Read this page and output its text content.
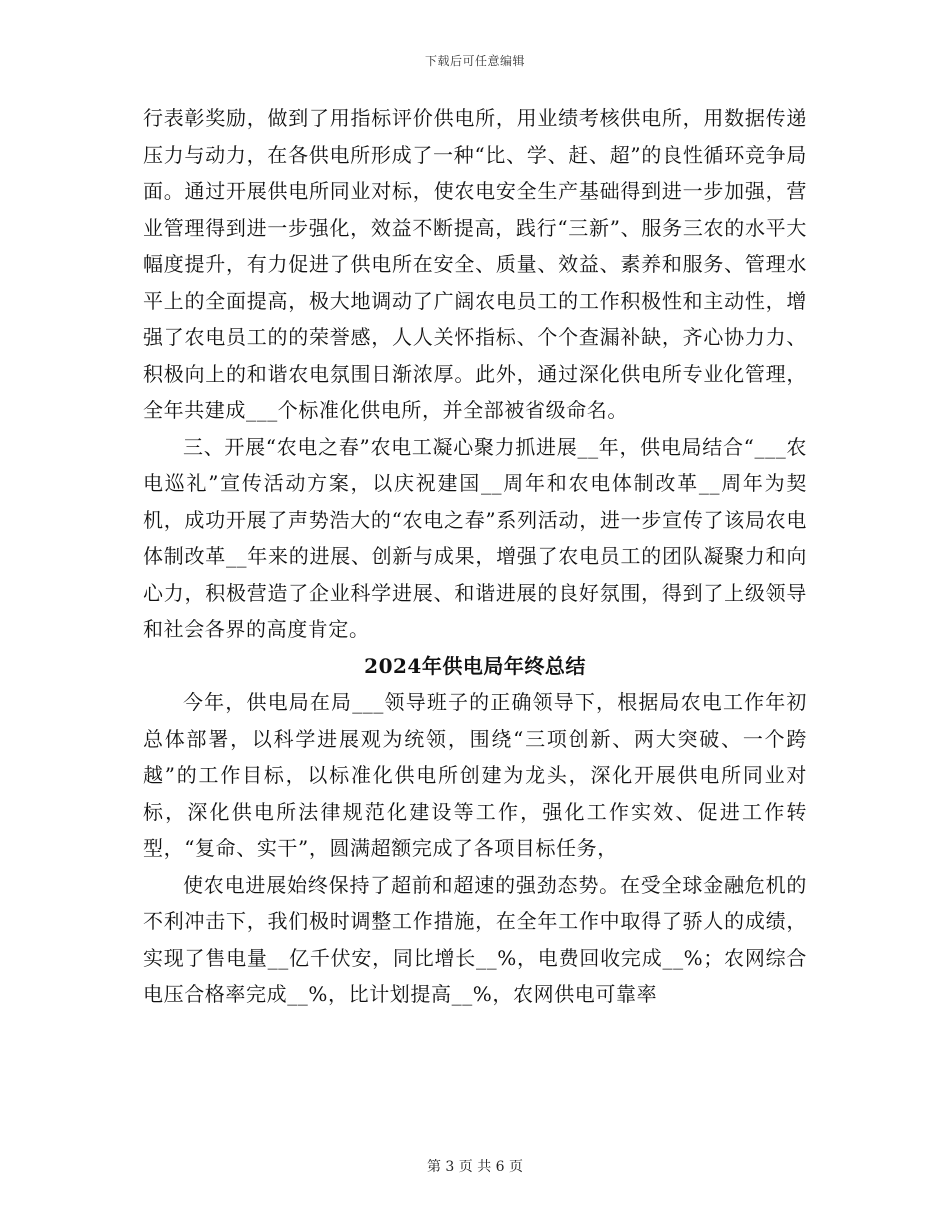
下载后可任意编辑

行表彰奖励，做到了用指标评价供电所，用业绩考核供电所，用数据传递压力与动力，在各供电所形成了一种“比、学、赶、超”的良性循环竞争局面。通过开展供电所同业对标，使农电安全生产基础得到进一步加强，营业管理得到进一步强化，效益不断提高，践行“三新”、服务三农的水平大幅度提升，有力促进了供电所在安全、质量、效益、素养和服务、管理水平上的全面提高，极大地调动了广阔农电员工的工作积极性和主动性，增强了农电员工的的荣誉感，人人关怀指标、个个查漏补缺，齐心协力力、积极向上的和谐农电氛围日渐浓厚。此外，通过深化供电所专业化管理，全年共建成___个标准化供电所，并全部被省级命名。

三、开展“农电之春”农电工凝心聚力抓进展__年，供电局结合“___农电巡礼”宣传活动方案，以庆祝建国__周年和农电体制改革__周年为契机，成功开展了声势浩大的“农电之春”系列活动，进一步宣传了该局农电体制改革__年来的进展、创新与成果，增强了农电员工的团队凝聚力和向心力，积极营造了企业科学进展、和谐进展的良好氛围，得到了上级领导和社会各界的高度肯定。

2024年供电局年终总结

今年，供电局在局___领导班子的正确领导下，根据局农电工作年初总体部署，以科学进展观为统领，围绕“三项创新、两大突破、一个跨越”的工作目标，以标准化供电所创建为龙头，深化开展供电所同业对标，深化供电所法律规范化建设等工作，强化工作实效、促进工作转型，“复命、实干”，圆满超额完成了各项目标任务，

使农电进展始终保持了超前和超速的强劲态势。在受全球金融危机的不利冲击下，我们极时调整工作措施，在全年工作中取得了骄人的成绩，实现了售电量__亿千伏安，同比增长__%，电费回收完成__%；农网综合电压合格率完成__%，比计划提高__%，农网供电可靠率

第 3 页 共 6 页
